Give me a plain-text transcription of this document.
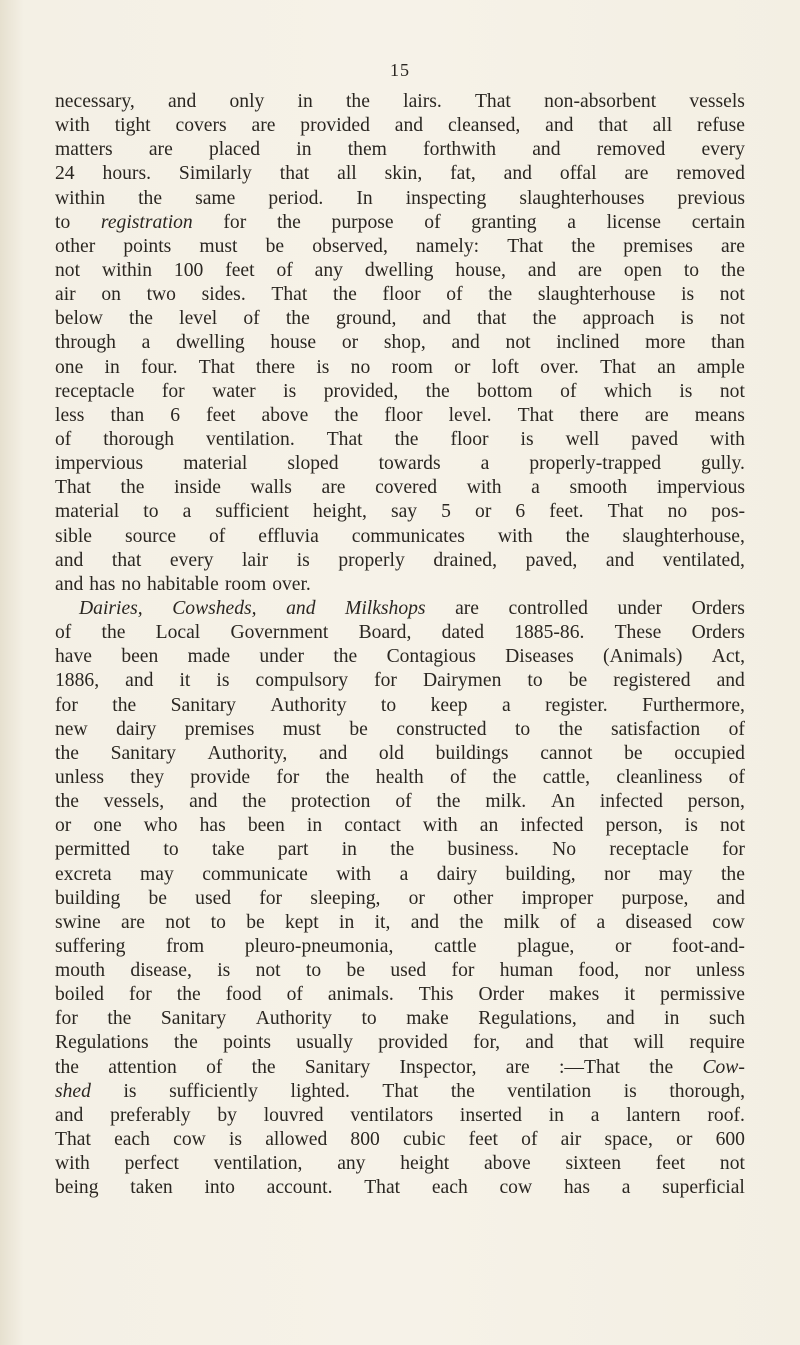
15
necessary, and only in the lairs. That non-absorbent vessels
with tight covers are provided and cleansed, and that all refuse
matters are placed in them forthwith and removed every
24 hours. Similarly that all skin, fat, and offal are removed
within the same period. In inspecting slaughterhouses previous
to registration for the purpose of granting a license certain
other points must be observed, namely: That the premises are
not within 100 feet of any dwelling house, and are open to the
air on two sides. That the floor of the slaughterhouse is not
below the level of the ground, and that the approach is not
through a dwelling house or shop, and not inclined more than
one in four. That there is no room or loft over. That an ample
receptacle for water is provided, the bottom of which is not
less than 6 feet above the floor level. That there are means
of thorough ventilation. That the floor is well paved with
impervious material sloped towards a properly-trapped gully.
That the inside walls are covered with a smooth impervious
material to a sufficient height, say 5 or 6 feet. That no pos-
sible source of effluvia communicates with the slaughterhouse,
and that every lair is properly drained, paved, and ventilated,
and has no habitable room over.
Dairies, Cowsheds, and Milkshops are controlled under Orders
of the Local Government Board, dated 1885-86. These Orders
have been made under the Contagious Diseases (Animals) Act,
1886, and it is compulsory for Dairymen to be registered and
for the Sanitary Authority to keep a register. Furthermore,
new dairy premises must be constructed to the satisfaction of
the Sanitary Authority, and old buildings cannot be occupied
unless they provide for the health of the cattle, cleanliness of
the vessels, and the protection of the milk. An infected person,
or one who has been in contact with an infected person, is not
permitted to take part in the business. No receptacle for
excreta may communicate with a dairy building, nor may the
building be used for sleeping, or other improper purpose, and
swine are not to be kept in it, and the milk of a diseased cow
suffering from pleuro-pneumonia, cattle plague, or foot-and-
mouth disease, is not to be used for human food, nor unless
boiled for the food of animals. This Order makes it permissive
for the Sanitary Authority to make Regulations, and in such
Regulations the points usually provided for, and that will require
the attention of the Sanitary Inspector, are :—That the Cow-
shed is sufficiently lighted. That the ventilation is thorough,
and preferably by louvred ventilators inserted in a lantern roof.
That each cow is allowed 800 cubic feet of air space, or 600
with perfect ventilation, any height above sixteen feet not
being taken into account. That each cow has a superficial
